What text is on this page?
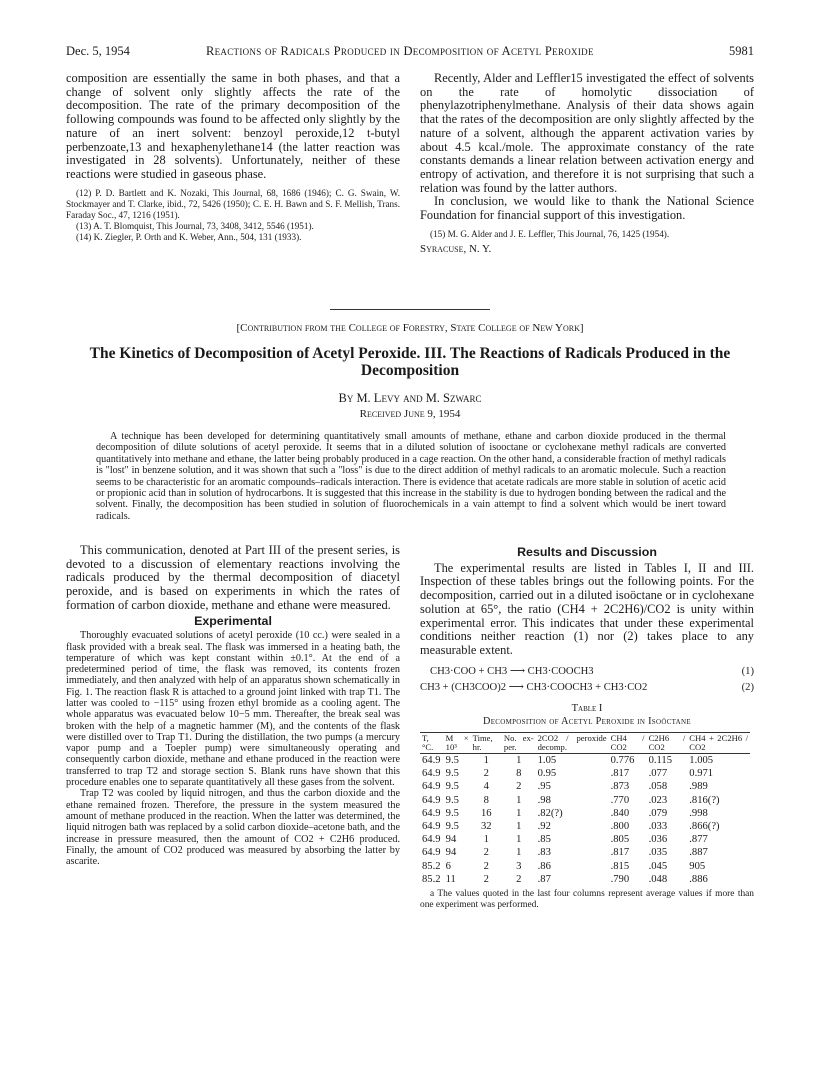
Dec. 5, 1954	Reactions of Radicals Produced in Decomposition of Acetyl Peroxide	5981

composition are essentially the same in both phases, and that a change of solvent only slightly affects the rate of the decomposition. The rate of the primary decomposition of the following compounds was found to be affected only slightly by the nature of an inert solvent: benzoyl peroxide,12 t-butyl perbenzoate,13 and hexaphenylethane14 (the latter reaction was investigated in 28 solvents). Unfortunately, neither of these reactions were studied in gaseous phase.

(12) P. D. Bartlett and K. Nozaki, This Journal, 68, 1686 (1946); C. G. Swain, W. Stockmayer and T. Clarke, ibid., 72, 5426 (1950); C. E. H. Bawn and S. F. Mellish, Trans. Faraday Soc., 47, 1216 (1951).

(13) A. T. Blomquist, This Journal, 73, 3408, 3412, 5546 (1951).

(14) K. Ziegler, P. Orth and K. Weber, Ann., 504, 131 (1933).

Recently, Alder and Leffler15 investigated the effect of solvents on the rate of homolytic dissociation of phenylazotriphenylmethane. Analysis of their data shows again that the rates of the decomposition are only slightly affected by the nature of a solvent, although the apparent activation varies by about 4.5 kcal./mole. The approximate constancy of the rate constants demands a linear relation between activation energy and entropy of activation, and therefore it is not surprising that such a relation was found by the latter authors.

In conclusion, we would like to thank the National Science Foundation for financial support of this investigation.

(15) M. G. Alder and J. E. Leffler, This Journal, 76, 1425 (1954).

Syracuse, N. Y.

[Contribution from the College of Forestry, State College of New York]
The Kinetics of Decomposition of Acetyl Peroxide. III. The Reactions of Radicals Produced in the Decomposition
By M. Levy and M. Szwarc
Received June 9, 1954
A technique has been developed for determining quantitatively small amounts of methane, ethane and carbon dioxide produced in the thermal decomposition of dilute solutions of acetyl peroxide. It seems that in a diluted solution of isooctane or cyclohexane methyl radicals are converted quantitatively into methane and ethane, the latter being probably produced in a cage reaction. On the other hand, a considerable fraction of methyl radicals is "lost" in benzene solution, and it was shown that such a "loss" is due to the direct addition of methyl radicals to an aromatic molecule. Such a reaction seems to be characteristic for an aromatic compounds–radicals interaction. There is evidence that acetate radicals are more stable in solution of acetic acid or propionic acid than in solution of hydrocarbons. It is suggested that this increase in the stability is due to hydrogen bonding between the radical and the solvent. Finally, the decomposition has been studied in solution of fluorochemicals in a vain attempt to find a solvent which would be inert toward radicals.

This communication, denoted at Part III of the present series, is devoted to a discussion of elementary reactions involving the radicals produced by the thermal decomposition of diacetyl peroxide, and is based on experiments in which the rates of formation of carbon dioxide, methane and ethane were measured.

Experimental

Thoroughly evacuated solutions of acetyl peroxide (10 cc.) were sealed in a flask provided with a break seal. The flask was immersed in a heating bath, the temperature of which was kept constant within ±0.1°. At the end of a predetermined period of time, the flask was removed, its contents frozen immediately, and then analyzed with help of an apparatus shown schematically in Fig. 1. The reaction flask R is attached to a ground joint linked with trap T1. The latter was cooled to −115° using frozen ethyl bromide as a cooling agent. The whole apparatus was evacuated below 10−5 mm. Thereafter, the break seal was broken with the help of a magnetic hammer (M), and the contents of the flask were distilled over to Trap T1. During the distillation, the two pumps (a mercury vapor pump and a Toepler pump) were simultaneously operating and consequently carbon dioxide, methane and ethane produced in the reaction were transferred to trap T2 and storage section S. Blank runs have shown that this procedure enables one to separate quantitatively all these gases from the solvent.

Trap T2 was cooled by liquid nitrogen, and thus the carbon dioxide and the ethane remained frozen. Therefore, the pressure in the system measured the amount of methane produced in the reaction. When the latter was determined, the liquid nitrogen bath was replaced by a solid carbon dioxide–acetone bath, and the increase in pressure measured, then the amount of CO2 + C2H6 produced. Finally, the amount of CO2 produced was measured by absorbing the latter by ascarite.

Results and Discussion

The experimental results are listed in Tables I, II and III. Inspection of these tables brings out the following points. For the decomposition, carried out in a diluted isoöctane or in cyclohexane solution at 65°, the ratio (CH4 + 2C2H6)/CO2 is unity within experimental error. This indicates that under these experimental conditions neither reaction (1) nor (2) takes place to any measurable extent.

CH3·COO + CH3 ⟶ CH3·COOCH3	(1)
CH3 + (CH3COO)2 ⟶ CH3·COOCH3 + CH3·CO2	(2)
Table I
Decomposition of Acetyl Peroxide in Isoöctane
T, °C.	M × 10³	Time, hr.	No. ex-per.	2CO2 / peroxide decomp.	CH4 / CO2	C2H6 / CO2	CH4 + 2C2H6 / CO2
64.9	9.5	1	1	1.05	0.776	0.115	1.005
64.9	9.5	2	8	0.95	.817	.077	0.971
64.9	9.5	4	2	.95	.873	.058	.989
64.9	9.5	8	1	.98	.770	.023	.816(?)
64.9	9.5	16	1	.82(?)	.840	.079	.998
64.9	9.5	32	1	.92	.800	.033	.866(?)
64.9	94	1	1	.85	.805	.036	.877
64.9	94	2	1	.83	.817	.035	.887
85.2	6	2	3	.86	.815	.045	905
85.2	11	2	2	.87	.790	.048	.886
a The values quoted in the last four columns represent average values if more than one experiment was performed.
